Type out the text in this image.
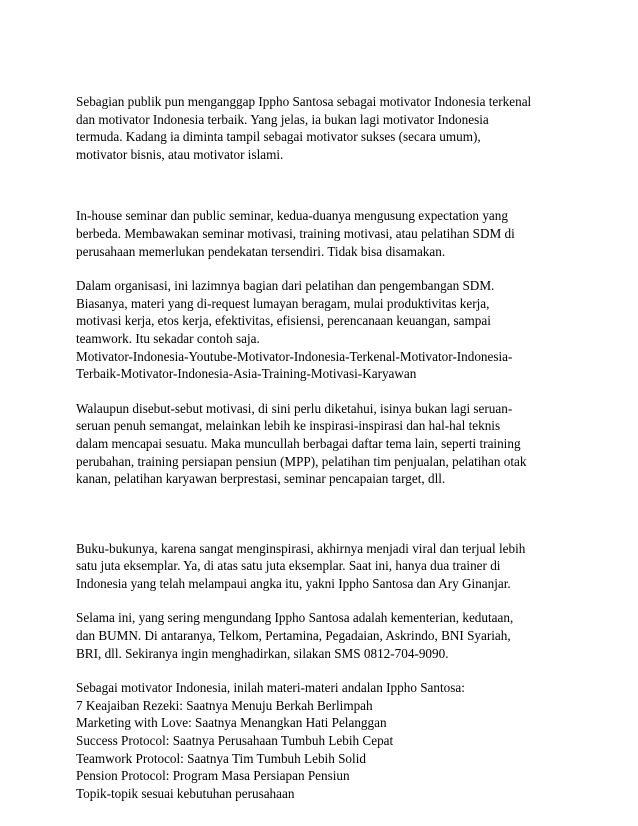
Sebagian publik pun menganggap Ippho Santosa sebagai motivator Indonesia terkenal
dan motivator Indonesia terbaik. Yang jelas, ia bukan lagi motivator Indonesia
termuda. Kadang ia diminta tampil sebagai motivator sukses (secara umum),
motivator bisnis, atau motivator islami.

In-house seminar dan public seminar, kedua-duanya mengusung expectation yang
berbeda. Membawakan seminar motivasi, training motivasi, atau pelatihan SDM di
perusahaan memerlukan pendekatan tersendiri. Tidak bisa disamakan.

Dalam organisasi, ini lazimnya bagian dari pelatihan dan pengembangan SDM.
Biasanya, materi yang di-request lumayan beragam, mulai produktivitas kerja,
motivasi kerja, etos kerja, efektivitas, efisiensi, perencanaan keuangan, sampai
teamwork. Itu sekadar contoh saja.
Motivator-Indonesia-Youtube-Motivator-Indonesia-Terkenal-Motivator-Indonesia-
Terbaik-Motivator-Indonesia-Asia-Training-Motivasi-Karyawan

Walaupun disebut-sebut motivasi, di sini perlu diketahui, isinya bukan lagi seruan-
seruan penuh semangat, melainkan lebih ke inspirasi-inspirasi dan hal-hal teknis
dalam mencapai sesuatu. Maka muncullah berbagai daftar tema lain, seperti training
perubahan, training persiapan pensiun (MPP), pelatihan tim penjualan, pelatihan otak
kanan, pelatihan karyawan berprestasi, seminar pencapaian target, dll.

Buku-bukunya, karena sangat menginspirasi, akhirnya menjadi viral dan terjual lebih
satu juta eksemplar. Ya, di atas satu juta eksemplar. Saat ini, hanya dua trainer di
Indonesia yang telah melampaui angka itu, yakni Ippho Santosa dan Ary Ginanjar.

Selama ini, yang sering mengundang Ippho Santosa adalah kementerian, kedutaan,
dan BUMN. Di antaranya, Telkom, Pertamina, Pegadaian, Askrindo, BNI Syariah,
BRI, dll. Sekiranya ingin menghadirkan, silakan SMS 0812-704-9090.

Sebagai motivator Indonesia, inilah materi-materi andalan Ippho Santosa:
7 Keajaiban Rezeki: Saatnya Menuju Berkah Berlimpah
Marketing with Love: Saatnya Menangkan Hati Pelanggan
Success Protocol: Saatnya Perusahaan Tumbuh Lebih Cepat
Teamwork Protocol: Saatnya Tim Tumbuh Lebih Solid
Pension Protocol: Program Masa Persiapan Pensiun
Topik-topik sesuai kebutuhan perusahaan
